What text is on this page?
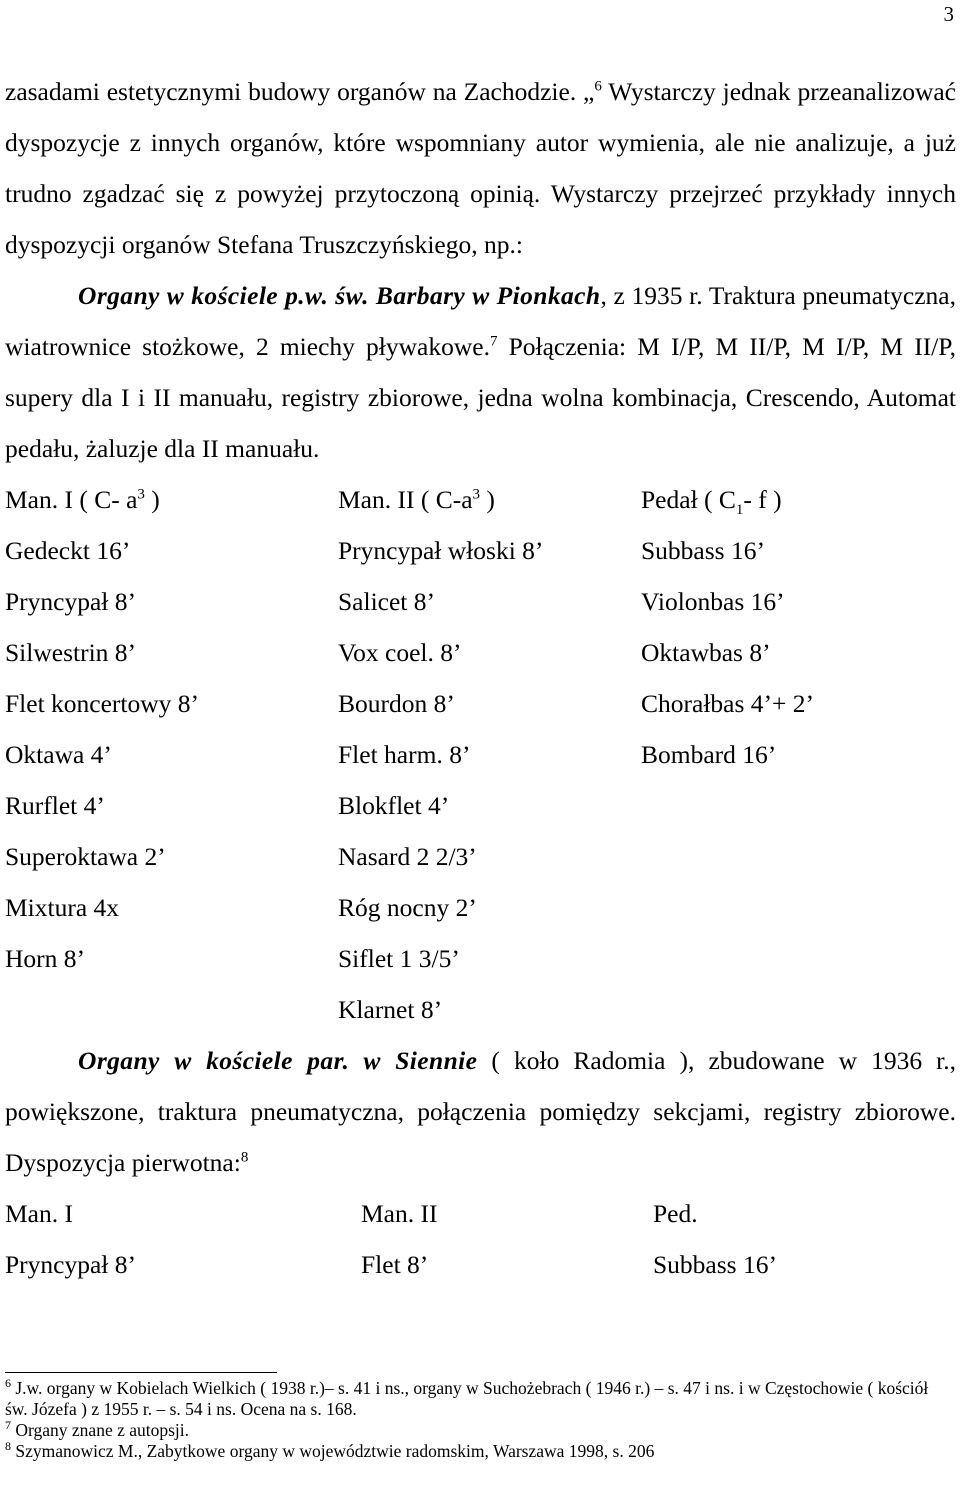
3

zasadami estetycznymi budowy organów na Zachodzie. „$^6$ Wystarczy jednak przeanalizować dyspozycje z innych organów, które wspomniany autor wymienia, ale nie analizuje, a już trudno zgadzać się z powyżej przytoczoną opinią. Wystarczy przejrzeć przykłady innych dyspozycji organów Stefana Truszczyńskiego, np.:

Organy w kościele p.w. św. Barbary w Pionkach, z 1935 r. Traktura pneumatyczna, wiatrownice stożkowe, 2 miechy pływakowe.$^7$ Połączenia: M I/P, M II/P, M I/P, M II/P, supery dla I i II manuału, registry zbiorowe, jedna wolna kombinacja, Crescendo, Automat pedału, żaluzje dla II manuału.

Man. I ( C- $a^3$ )	Man. II ( $C-a^3$ )	Pedał ( $C_1-$ f )
Gedeckt 16’	Pryncypał włoski 8’	Subbass 16’
Pryncypał 8’	Salicet 8’	Violonbas 16’
Silwestrin 8’	Vox coel. 8’	Oktawbas 8’
Flet koncertowy 8’	Bourdon 8’	Chorałbas 4’+ 2’
Oktawa 4’	Flet harm. 8’	Bombard 16’
Rurflet 4’	Blokflet 4’	
Superoktawa 2’	Nasard 2 2/3’	
Mixtura 4x	Róg nocny 2’	
Horn 8’	Siflet 1 3/5’	
	Klarnet 8’	

Organy w kościele par. w Siennie ( koło Radomia ), zbudowane w 1936 r., powiększone, traktura pneumatyczna, połączenia pomiędzy sekcjami, registry zbiorowe. Dyspozycja pierwotna:$^8$

Man. I	Man. II	Ped.
Pryncypał 8’	Flet 8’	Subbass 16’

$^6$ J.w. organy w Kobielach Wielkich ( 1938 r.)– s. 41 i ns., organy w Suchożebrach ( 1946 r.) – s. 47 i ns. i w Częstochowie ( kościół św. Józefa ) z 1955 r. – s. 54 i ns. Ocena na s. 168.

$^7$ Organy znane z autopsji.

$^8$ Szymanowicz M., Zabytkowe organy w województwie radomskim, Warszawa 1998, s. 206
